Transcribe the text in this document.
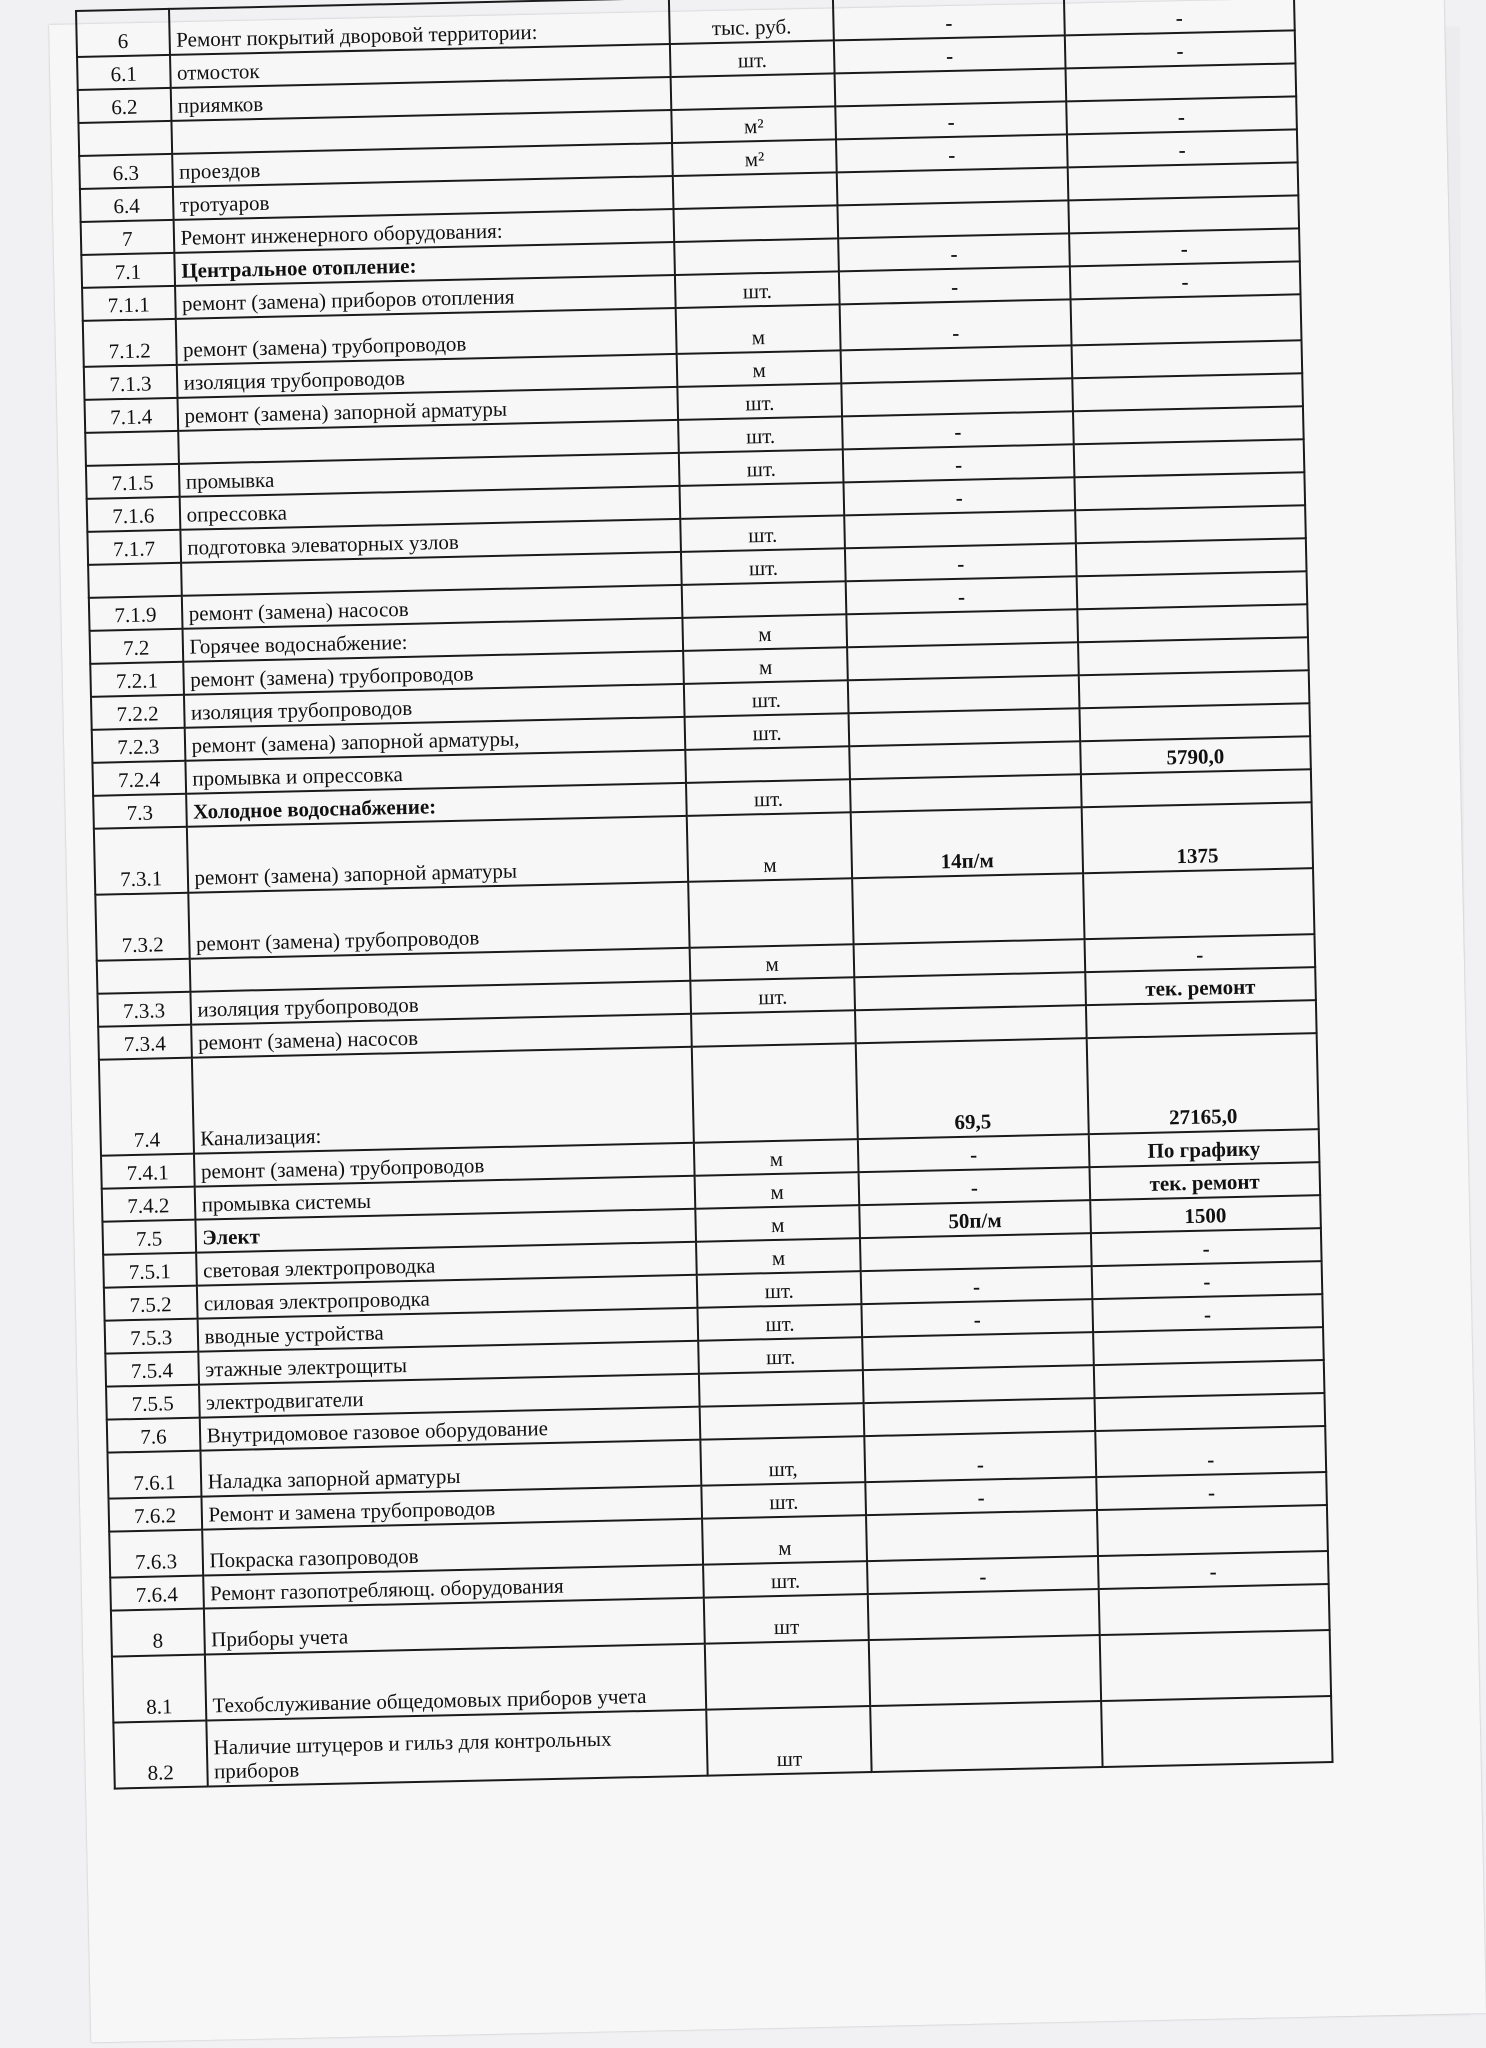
6	Ремонт покрытий дворовой территории:	тыс. руб.	-	-
6.1	отмосток	шт.	-	-
6.2	приямков			
		м²	-	-
6.3	проездов	м²	-	-
6.4	тротуаров			
7	Ремонт инженерного оборудования:			
7.1	Центральное отопление:		-	-
7.1.1	ремонт (замена) приборов отопления	шт.	-	-
7.1.2	ремонт (замена) трубопроводов	м	-	
7.1.3	изоляция трубопроводов	м		
7.1.4	ремонт (замена) запорной арматуры	шт.		
		шт.	-	
7.1.5	промывка	шт.	-	
7.1.6	опрессовка		-	
7.1.7	подготовка элеваторных узлов	шт.		
		шт.	-	
7.1.9	ремонт (замена) насосов		-	
7.2	Горячее водоснабжение:	м		
7.2.1	ремонт (замена) трубопроводов	м		
7.2.2	изоляция трубопроводов	шт.		
7.2.3	ремонт (замена) запорной арматуры,	шт.		
7.2.4	промывка и опрессовка			5790,0
7.3	Холодное водоснабжение:	шт.		
7.3.1	ремонт (замена) запорной арматуры	м	14п/м	1375
7.3.2	ремонт (замена) трубопроводов			
		м		-
7.3.3	изоляция трубопроводов	шт.		тек. ремонт
7.3.4	ремонт (замена) насосов			
7.4	Канализация:		69,5	27165,0
7.4.1	ремонт (замена) трубопроводов	м	-	По графику
7.4.2	промывка системы	м	-	тек. ремонт
7.5	Элект	м	50п/м	1500
7.5.1	световая электропроводка	м		-
7.5.2	силовая электропроводка	шт.	-	-
7.5.3	вводные устройства	шт.	-	-
7.5.4	этажные электрощиты	шт.		
7.5.5	электродвигатели			
7.6	Внутридомовое газовое оборудование			
7.6.1	Наладка запорной арматуры	шт,	-	-
7.6.2	Ремонт и замена трубопроводов	шт.	-	-
7.6.3	Покраска газопроводов	м		
7.6.4	Ремонт газопотребляющ. оборудования	шт.	-	-
8	Приборы учета	шт		
8.1	Техобслуживание общедомовых приборов учета			
8.2	Наличие штуцеров и гильз для контрольных приборов	шт		
